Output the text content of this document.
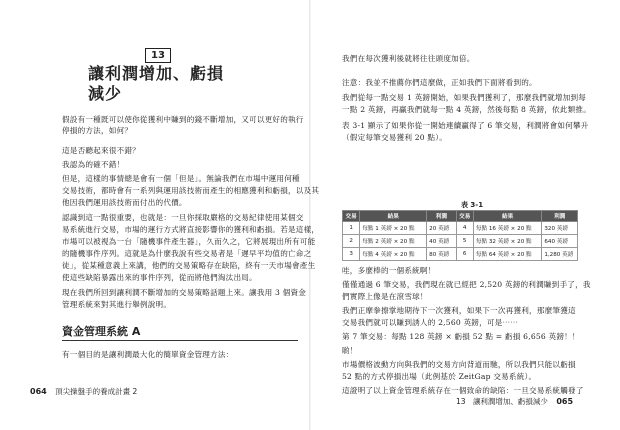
13
讓利潤增加、虧損減少
假設有一種既可以使你從獲利中賺到的錢不斷增加，又可以更好的執行
停損的方法，如何？
這是否聽起來很不錯？
我認為的確不錯！
但是，這樣的事情總是會有一個「但是」。無論我們在市場中運用何種
交易技術，都時會有一系列與運用該技術而產生的相應獲利和虧損，以及其
他因我們運用該技術而付出的代價。
認識到這一點很重要，也就是：一旦你採取嚴格的交易紀律使用某個交
易系統進行交易，市場的運行方式將直接影響你的獲利和虧損。若是這樣，
市場可以被視為一台「隨機事件產生器」，久而久之，它將展現出所有可能
的隨機事件序列。這就是為什麼我說有些交易者是「遲早平均值的亡命之
徒」，從某種意義上來講，他們的交易策略存在缺陷，終有一天市場會產生
使這些缺陷暴露出來的事件序列，從而將他們淘汰出局。
現在我們所回到讓利潤不斷增加的交易策略話題上來。讓我用 3 個資金
管理系統來對其進行舉例說明。
資金管理系統 A
有一個目的是讓利潤最大化的簡單資金管理方法：
064 頂尖操盤手的養成計畫 2
我們在每次獲利後就將往往頭度加倍。
注意：我並不推薦你們這麼做，正如我們下面將看到的。
我們從每一點交易 1 英鎊開始，如果我們獲利了，那麼我們就增加到每
一點 2 英鎊，再贏我們就每一點 4 英鎊，然後每點 8 英鎊，依此類推。
表 3-1 顯示了如果你從一開始連續贏得了 6 筆交易，利潤將會如何攀升
（假定每筆交易獲利 20 點）。
表 3-1
交易	結果	利潤	交易	結果	利潤
1	每點 1 英鎊 × 20 點	20 英鎊	4	每點 16 英鎊 × 20 點	320 英鎊
2	每點 2 英鎊 × 20 點	40 英鎊	5	每點 32 英鎊 × 20 點	640 英鎊
3	每點 4 英鎊 × 20 點	80 英鎊	6	每點 64 英鎊 × 20 點	1,280 英鎊
哇，多麼棒的一個系統啊！
僅僅通過 6 筆交易，我們現在就已經把 2,520 英鎊的利潤賺到手了，我
們實際上像是在滾雪球！
我們正摩拳擦掌地期待下一次獲利，如果下一次再獲利，那麼筆獲這
交易我們就可以賺到誘人的 2,560 英鎊，可是⋯⋯
第 7 筆交易：每點 128 英鎊 × 虧損 52 點 = 虧損 6,656 英鎊！！
喲！
市場價格波動方向與我們的交易方向背道而馳，所以我們只能以虧損
52 點的方式停損出場（此例基於 ZeitGap 交易系統）。
13 讓利潤增加、虧損減少 065
這證明了以上資金管理系統存在一個致命的缺陷：一旦交易系統觸發了
